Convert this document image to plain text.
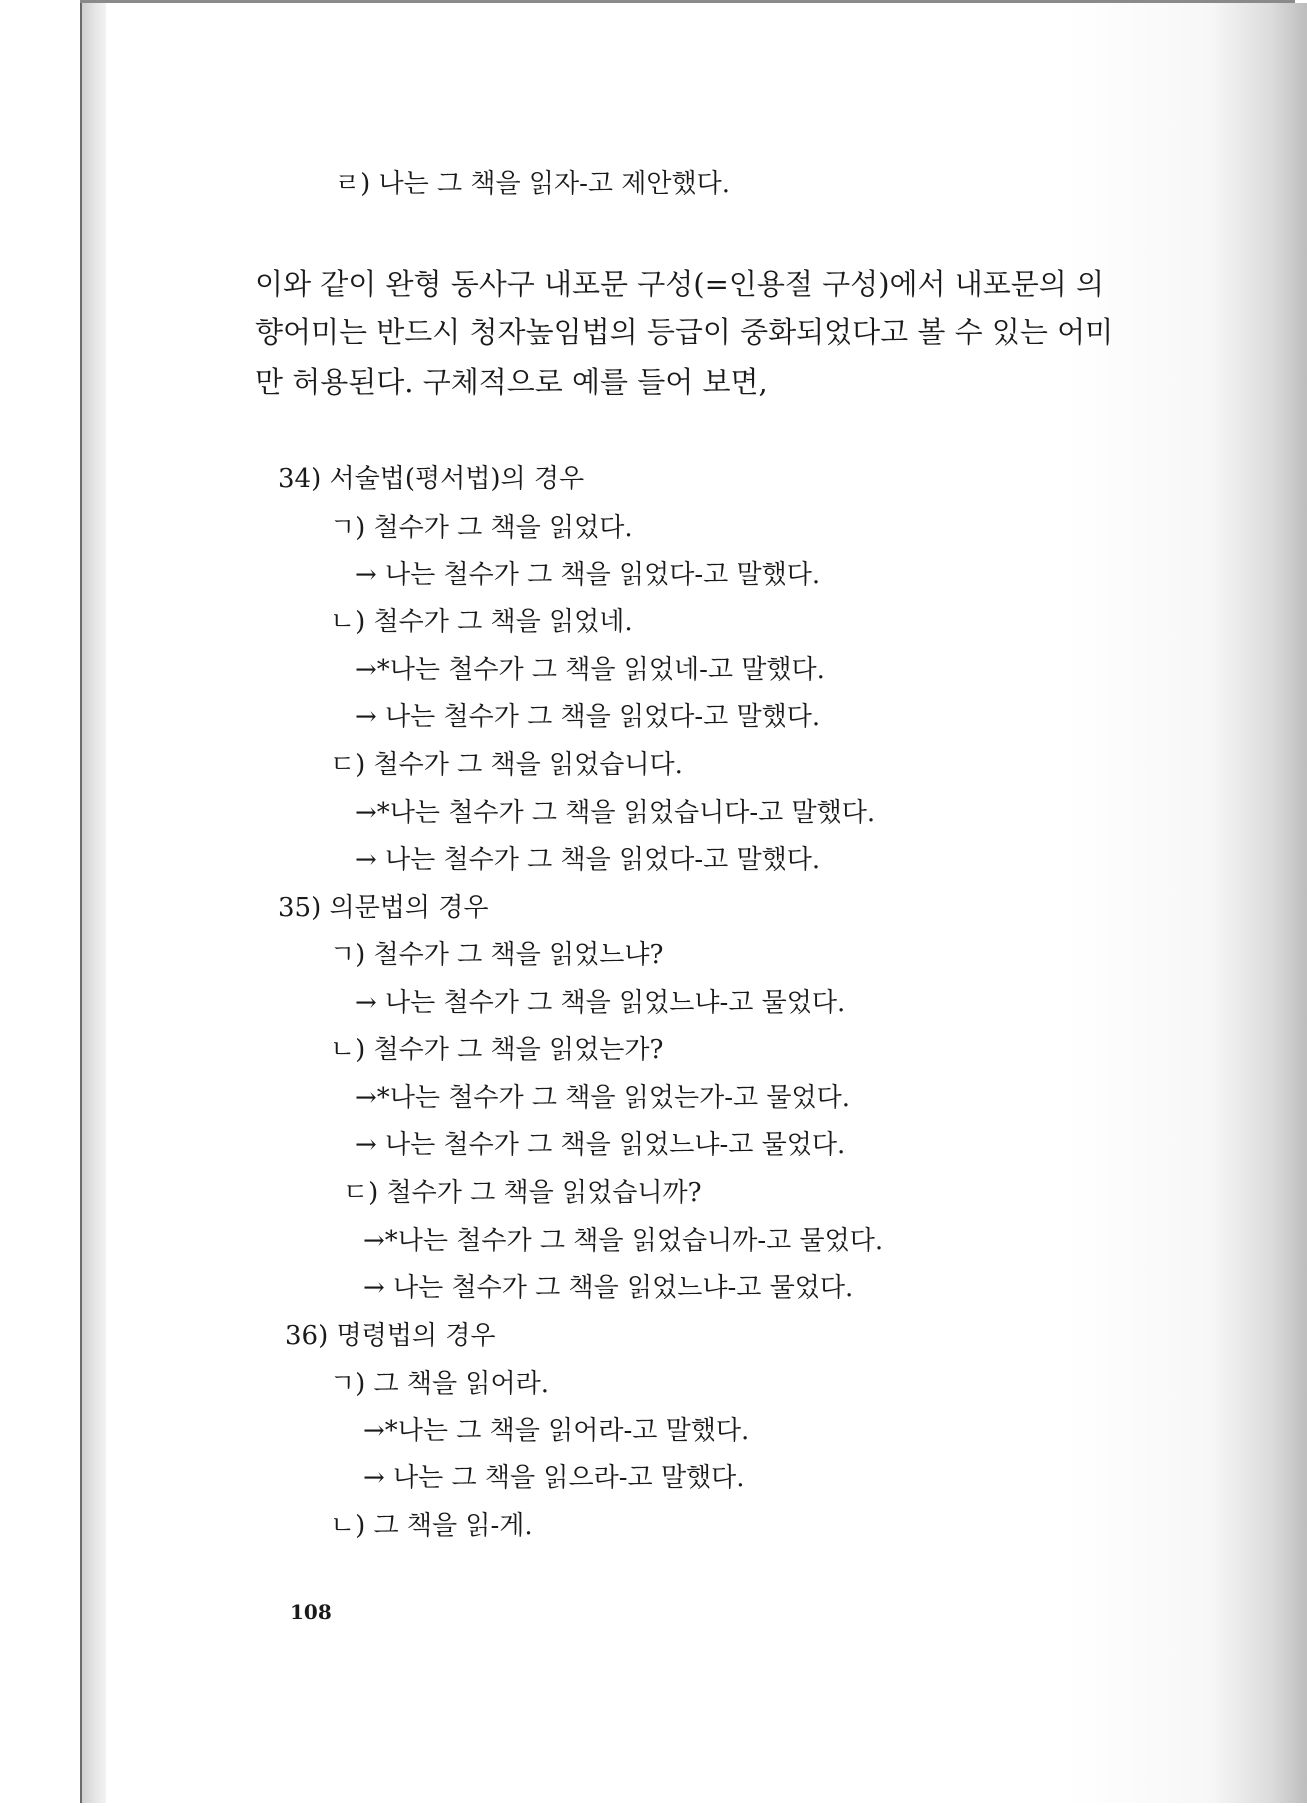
ㄹ) 나는 그 책을 읽자-고 제안했다.
이와 같이 완형 동사구 내포문 구성(=인용절 구성)에서 내포문의 의
향어미는 반드시 청자높임법의 등급이 중화되었다고 볼 수 있는 어미
만 허용된다. 구체적으로 예를 들어 보면,
34) 서술법(평서법)의 경우
ㄱ) 철수가 그 책을 읽었다.
→ 나는 철수가 그 책을 읽었다-고 말했다.
ㄴ) 철수가 그 책을 읽었네.
→*나는 철수가 그 책을 읽었네-고 말했다.
→ 나는 철수가 그 책을 읽었다-고 말했다.
ㄷ) 철수가 그 책을 읽었습니다.
→*나는 철수가 그 책을 읽었습니다-고 말했다.
→ 나는 철수가 그 책을 읽었다-고 말했다.
35) 의문법의 경우
ㄱ) 철수가 그 책을 읽었느냐?
→ 나는 철수가 그 책을 읽었느냐-고 물었다.
ㄴ) 철수가 그 책을 읽었는가?
→*나는 철수가 그 책을 읽었는가-고 물었다.
→ 나는 철수가 그 책을 읽었느냐-고 물었다.
ㄷ) 철수가 그 책을 읽었습니까?
→*나는 철수가 그 책을 읽었습니까-고 물었다.
→ 나는 철수가 그 책을 읽었느냐-고 물었다.
36) 명령법의 경우
ㄱ) 그 책을 읽어라.
→*나는 그 책을 읽어라-고 말했다.
→ 나는 그 책을 읽으라-고 말했다.
ㄴ) 그 책을 읽-게.
108
